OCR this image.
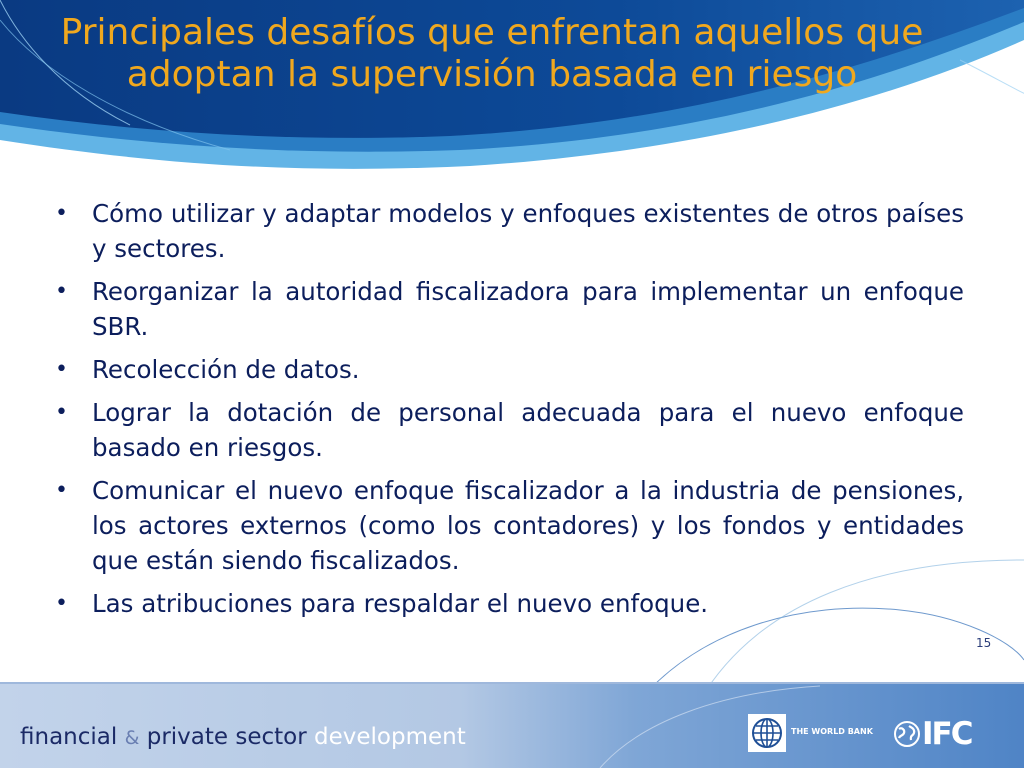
Principales desafíos que enfrentan aquellos que adoptan la supervisión basada en riesgo
• Cómo utilizar y adaptar modelos y enfoques existentes de otros países y sectores.
• Reorganizar la autoridad fiscalizadora para implementar un enfoque SBR.
• Recolección de datos.
• Lograr la dotación de personal adecuada para el nuevo enfoque basado en riesgos.
• Comunicar el nuevo enfoque fiscalizador a la industria de pensiones, los actores externos (como los contadores) y los fondos y entidades que están siendo fiscalizados.
• Las atribuciones para respaldar el nuevo enfoque.
15
financial & private sector development	THE WORLD BANK IFC
